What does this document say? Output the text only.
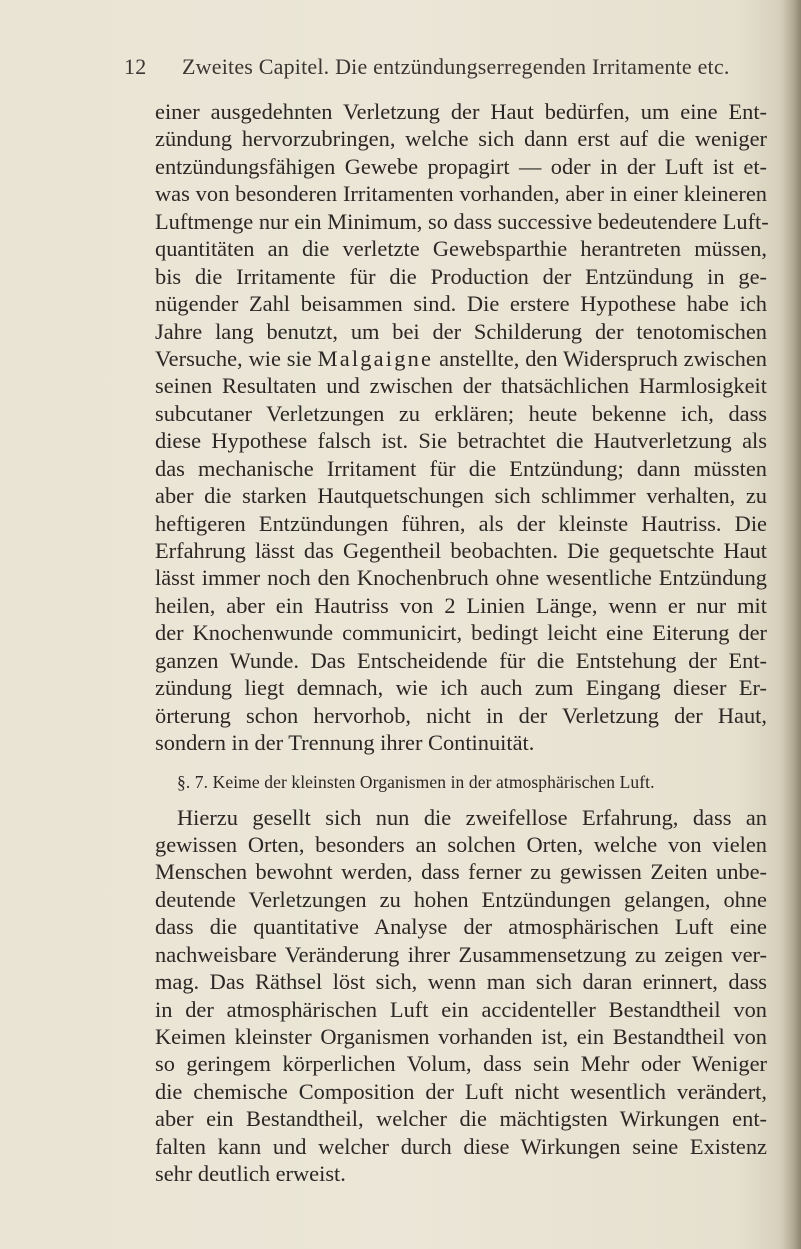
12	Zweites Capitel. Die entzündungserregenden Irritamente etc.
einer ausgedehnten Verletzung der Haut bedürfen, um eine Ent-
zündung hervorzubringen, welche sich dann erst auf die weniger
entzündungsfähigen Gewebe propagirt — oder in der Luft ist et-
was von besonderen Irritamenten vorhanden, aber in einer kleineren
Luftmenge nur ein Minimum, so dass successive bedeutendere Luft-
quantitäten an die verletzte Gewebsparthie herantreten müssen,
bis die Irritamente für die Production der Entzündung in ge-
nügender Zahl beisammen sind. Die erstere Hypothese habe ich
Jahre lang benutzt, um bei der Schilderung der tenotomischen
Versuche, wie sie Malgaigne anstellte, den Widerspruch zwischen
seinen Resultaten und zwischen der thatsächlichen Harmlosigkeit
subcutaner Verletzungen zu erklären; heute bekenne ich, dass
diese Hypothese falsch ist. Sie betrachtet die Hautverletzung als
das mechanische Irritament für die Entzündung; dann müssten
aber die starken Hautquetschungen sich schlimmer verhalten, zu
heftigeren Entzündungen führen, als der kleinste Hautriss. Die
Erfahrung lässt das Gegentheil beobachten. Die gequetschte Haut
lässt immer noch den Knochenbruch ohne wesentliche Entzündung
heilen, aber ein Hautriss von 2 Linien Länge, wenn er nur mit
der Knochenwunde communicirt, bedingt leicht eine Eiterung der
ganzen Wunde. Das Entscheidende für die Entstehung der Ent-
zündung liegt demnach, wie ich auch zum Eingang dieser Er-
örterung schon hervorhob, nicht in der Verletzung der Haut,
sondern in der Trennung ihrer Continuität.
§. 7. Keime der kleinsten Organismen in der atmosphärischen Luft.
Hierzu gesellt sich nun die zweifellose Erfahrung, dass an
gewissen Orten, besonders an solchen Orten, welche von vielen
Menschen bewohnt werden, dass ferner zu gewissen Zeiten unbe-
deutende Verletzungen zu hohen Entzündungen gelangen, ohne
dass die quantitative Analyse der atmosphärischen Luft eine
nachweisbare Veränderung ihrer Zusammensetzung zu zeigen ver-
mag. Das Räthsel löst sich, wenn man sich daran erinnert, dass
in der atmosphärischen Luft ein accidenteller Bestandtheil von
Keimen kleinster Organismen vorhanden ist, ein Bestandtheil von
so geringem körperlichen Volum, dass sein Mehr oder Weniger
die chemische Composition der Luft nicht wesentlich verändert,
aber ein Bestandtheil, welcher die mächtigsten Wirkungen ent-
falten kann und welcher durch diese Wirkungen seine Existenz
sehr deutlich erweist.
